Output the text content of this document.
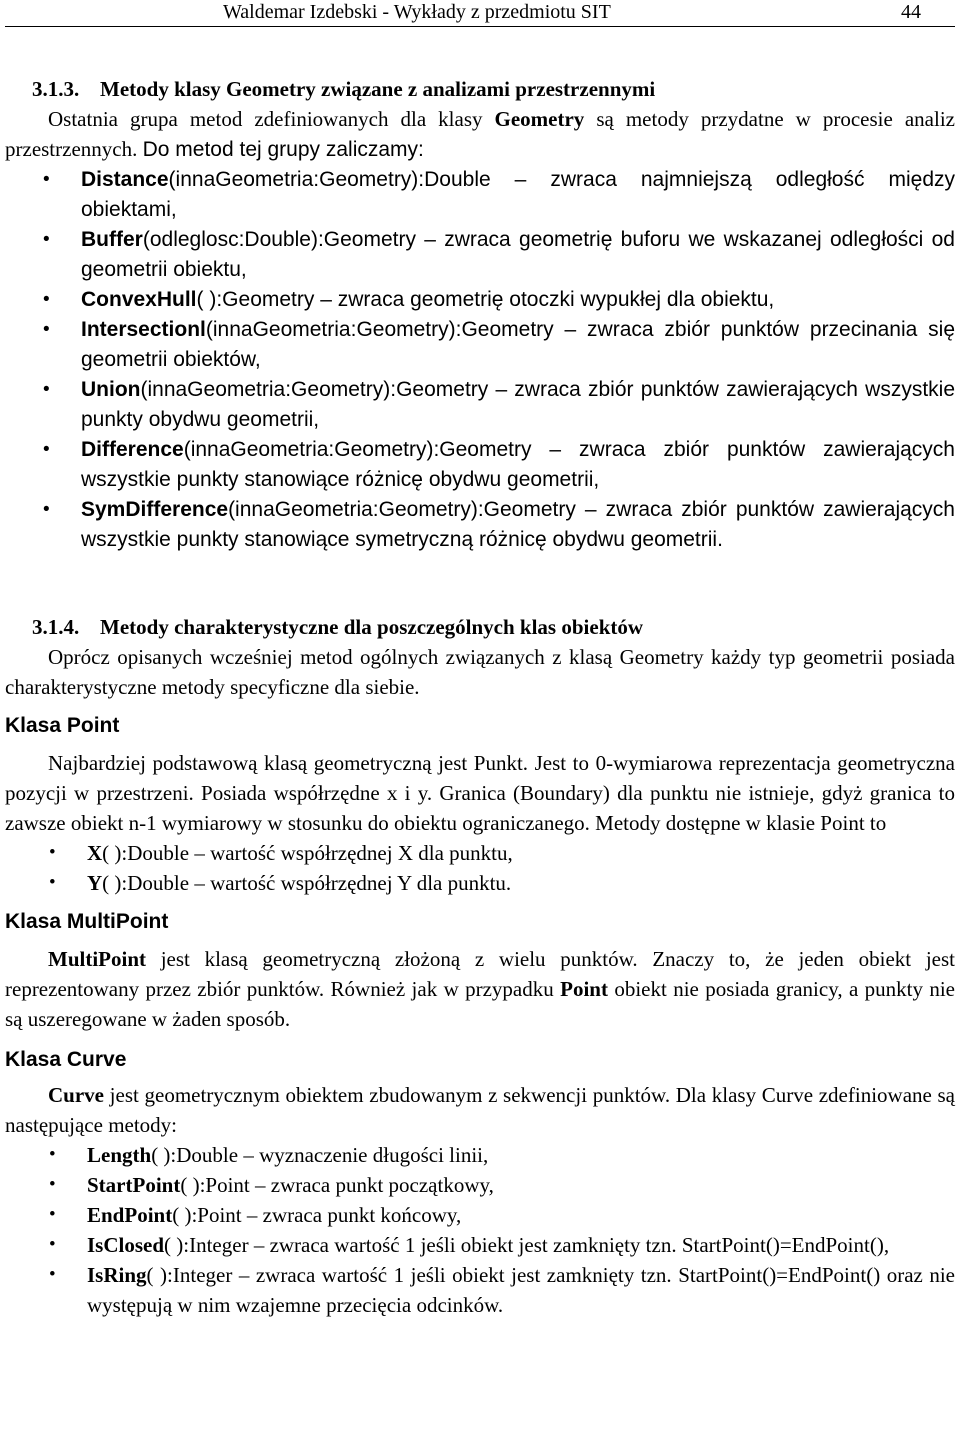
Waldemar Izdebski - Wykłady z przedmiotu SIT	44
3.1.3. Metody klasy Geometry związane z analizami przestrzennymi

Ostatnia grupa metod zdefiniowanych dla klasy Geometry są metody przydatne w procesie analiz przestrzennych. Do metod tej grupy zaliczamy:

• Distance(innaGeometria:Geometry):Double – zwraca najmniejszą odległość między obiektami,
• Buffer(odleglosc:Double):Geometry – zwraca geometrię buforu we wskazanej odległości od geometrii obiektu,
• ConvexHull( ):Geometry – zwraca geometrię otoczki wypukłej dla obiektu,
• Intersectionl(innaGeometria:Geometry):Geometry – zwraca zbiór punktów przecinania się geometrii obiektów,
• Union(innaGeometria:Geometry):Geometry – zwraca zbiór punktów zawierających wszystkie punkty obydwu geometrii,
• Difference(innaGeometria:Geometry):Geometry – zwraca zbiór punktów zawierających wszystkie punkty stanowiące różnicę obydwu geometrii,
• SymDifference(innaGeometria:Geometry):Geometry – zwraca zbiór punktów zawierających wszystkie punkty stanowiące symetryczną różnicę obydwu geometrii.
3.1.4. Metody charakterystyczne dla poszczególnych klas obiektów

Oprócz opisanych wcześniej metod ogólnych związanych z klasą Geometry każdy typ geometrii posiada charakterystyczne metody specyficzne dla siebie.

Klasa Point

Najbardziej podstawową klasą geometryczną jest Punkt. Jest to 0-wymiarowa reprezentacja geometryczna pozycji w przestrzeni. Posiada współrzędne x i y. Granica (Boundary) dla punktu nie istnieje, gdyż granica to zawsze obiekt n-1 wymiarowy w stosunku do obiektu ograniczanego. Metody dostępne w klasie Point to

• X( ):Double – wartość współrzędnej X dla punktu,
• Y( ):Double – wartość współrzędnej Y dla punktu.
Klasa MultiPoint

MultiPoint jest klasą geometryczną złożoną z wielu punktów. Znaczy to, że jeden obiekt jest reprezentowany przez zbiór punktów. Również jak w przypadku Point obiekt nie posiada granicy, a punkty nie są uszeregowane w żaden sposób.

Klasa Curve

Curve jest geometrycznym obiektem zbudowanym z sekwencji punktów. Dla klasy Curve zdefiniowane są następujące metody:

• Length( ):Double – wyznaczenie długości linii,
• StartPoint( ):Point – zwraca punkt początkowy,
• EndPoint( ):Point – zwraca punkt końcowy,
• IsClosed( ):Integer – zwraca wartość 1 jeśli obiekt jest zamknięty tzn. StartPoint()=EndPoint(),
• IsRing( ):Integer – zwraca wartość 1 jeśli obiekt jest zamknięty tzn. StartPoint()=EndPoint() oraz nie występują w nim wzajemne przecięcia odcinków.
